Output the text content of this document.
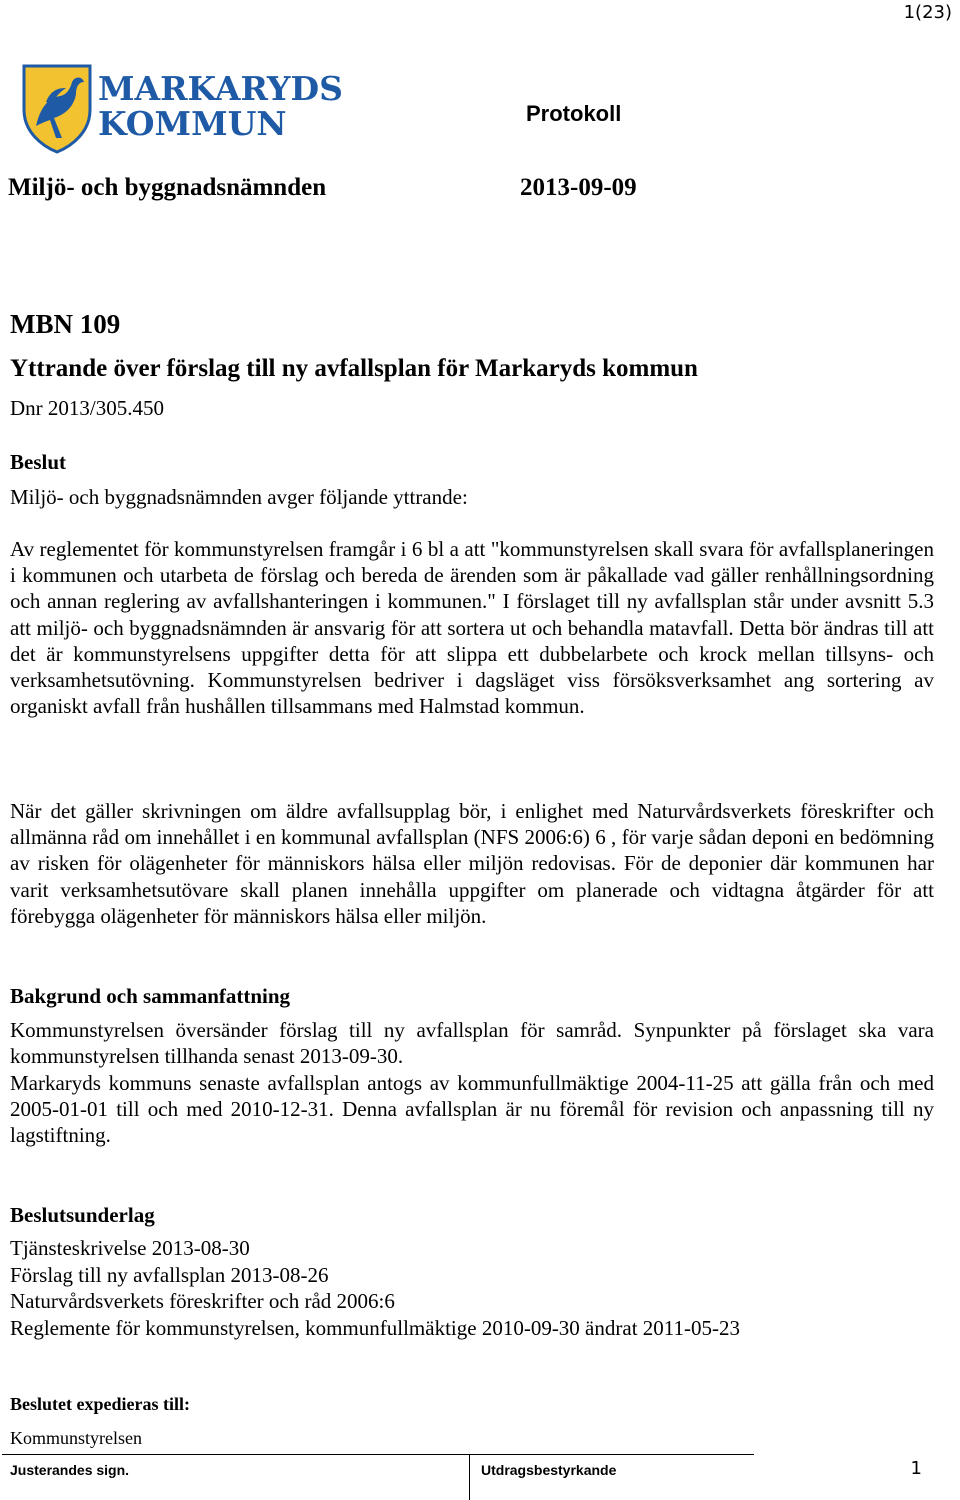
1(23)
MARKARYDS
KOMMUN	Protokoll
Miljö- och byggnadsnämnden	2013-09-09
MBN 109
Yttrande över förslag till ny avfallsplan för Markaryds kommun
Dnr 2013/305.450
Beslut
Miljö- och byggnadsnämnden avger följande yttrande:
Av reglementet för kommunstyrelsen framgår i 6 bl a att "kommunstyrelsen skall svara för avfallsplaneringen i kommunen och utarbeta de förslag och bereda de ärenden som är påkallade vad gäller renhållningsordning och annan reglering av avfallshanteringen i kommunen." I förslaget till ny avfallsplan står under avsnitt 5.3 att miljö- och byggnadsnämnden är ansvarig för att sortera ut och behandla matavfall. Detta bör ändras till att det är kommunstyrelsens uppgifter detta för att slippa ett dubbelarbete och krock mellan tillsyns- och verksamhetsutövning. Kommunstyrelsen bedriver i dagsläget viss försöksverksamhet ang sortering av organiskt avfall från hushållen tillsammans med Halmstad kommun.
När det gäller skrivningen om äldre avfallsupplag bör, i enlighet med Naturvårdsverkets föreskrifter och allmänna råd om innehållet i en kommunal avfallsplan (NFS 2006:6) 6 , för varje sådan deponi en bedömning av risken för olägenheter för människors hälsa eller miljön redovisas. För de deponier där kommunen har varit verksamhetsutövare skall planen innehålla uppgifter om planerade och vidtagna åtgärder för att förebygga olägenheter för människors hälsa eller miljön.
Bakgrund och sammanfattning
Kommunstyrelsen översänder förslag till ny avfallsplan för samråd. Synpunkter på förslaget ska vara kommunstyrelsen tillhanda senast 2013-09-30.
Markaryds kommuns senaste avfallsplan antogs av kommunfullmäktige 2004-11-25 att gälla från och med 2005-01-01 till och med 2010-12-31. Denna avfallsplan är nu föremål för revision och anpassning till ny lagstiftning.
Beslutsunderlag
Tjänsteskrivelse 2013-08-30
Förslag till ny avfallsplan 2013-08-26
Naturvårdsverkets föreskrifter och råd 2006:6
Reglemente för kommunstyrelsen, kommunfullmäktige 2010-09-30 ändrat 2011-05-23
Beslutet expedieras till:
Kommunstyrelsen
Justerandes sign.	Utdragsbestyrkande	1
